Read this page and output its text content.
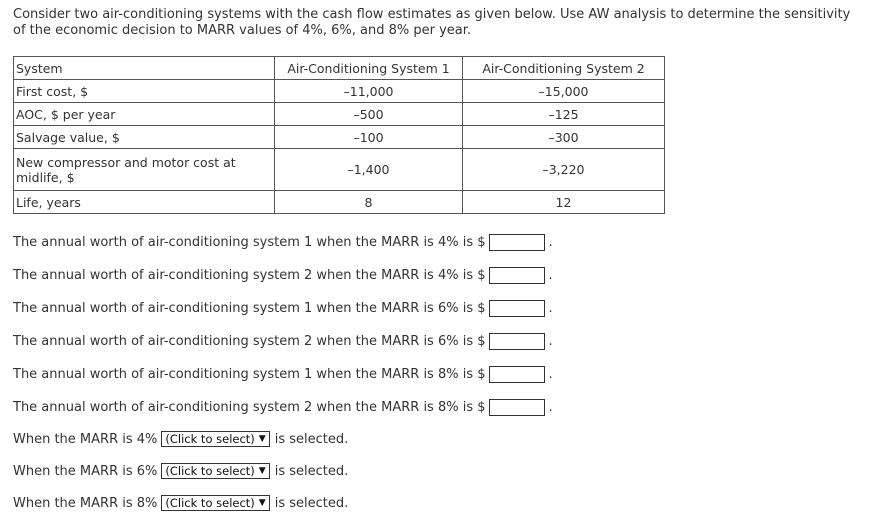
Consider two air-conditioning systems with the cash flow estimates as given below. Use AW analysis to determine the sensitivity of the economic decision to MARR values of 4%, 6%, and 8% per year.
System	Air-Conditioning System 1	Air-Conditioning System 2
First cost, $	–11,000	–15,000
AOC, $ per year	–500	–125
Salvage value, $	–100	–300
New compressor and motor cost at midlife, $	–1,400	–3,220
Life, years	8	12
The annual worth of air-conditioning system 1 when the MARR is 4% is $	.
The annual worth of air-conditioning system 2 when the MARR is 4% is $	.
The annual worth of air-conditioning system 1 when the MARR is 6% is $	.
The annual worth of air-conditioning system 2 when the MARR is 6% is $	.
The annual worth of air-conditioning system 1 when the MARR is 8% is $	.
The annual worth of air-conditioning system 2 when the MARR is 8% is $	.
When the MARR is 4% (Click to select) ▼ is selected.
When the MARR is 6% (Click to select) ▼ is selected.
When the MARR is 8% (Click to select) ▼ is selected.
